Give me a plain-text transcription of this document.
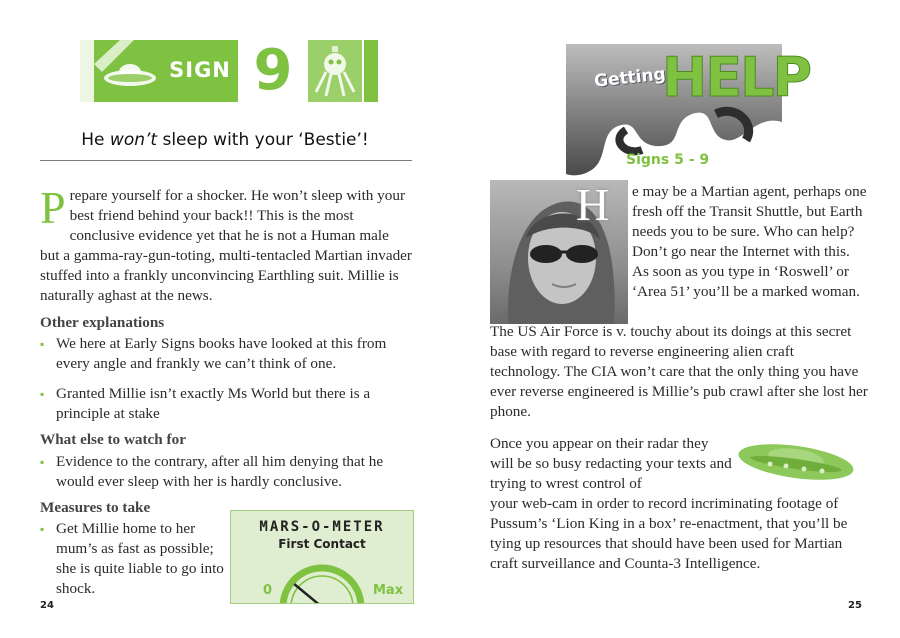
SIGN 9
He won’t sleep with your ‘Bestie’!
Prepare yourself for a shocker. He won’t sleep with your best friend behind your back!! This is the most conclusive evidence yet that he is not a Human male but a gamma-ray-gun-toting, multi-tentacled Martian invader stuffed into a frankly unconvincing Earthling suit. Millie is naturally aghast at the news.
Other explanations
▪ We here at Early Signs books have looked at this from every angle and frankly we can’t think of one.
▪ Granted Millie isn’t exactly Ms World but there is a principle at stake
What else to watch for
▪ Evidence to the contrary, after all him denying that he would ever sleep with her is hardly conclusive.
Measures to take
▪ Get Millie home to her mum’s as fast as possible; she is quite liable to go into shock.
MARS-O-METER
First Contact
0	Max
24
Getting
HELP
Signs 5 - 9
H e may be a Martian agent, perhaps one fresh off the Transit Shuttle, but Earth needs you to be sure. Who can help? Don’t go near the Internet with this. As soon as you type in ‘Roswell’ or ‘Area 51’ you’ll be a marked woman.
The US Air Force is v. touchy about its doings at this secret base with regard to reverse engineering alien craft technology. The CIA won’t care that the only thing you have ever reverse engineered is Millie’s pub crawl after she lost her phone.
Once you appear on their radar they will be so busy redacting your texts and trying to wrest control of
your web-cam in order to record incriminating footage of Pussum’s ‘Lion King in a box’ re-enactment, that you’ll be tying up resources that should have been used for Martian craft surveillance and Counta-3 Intelligence.
25
